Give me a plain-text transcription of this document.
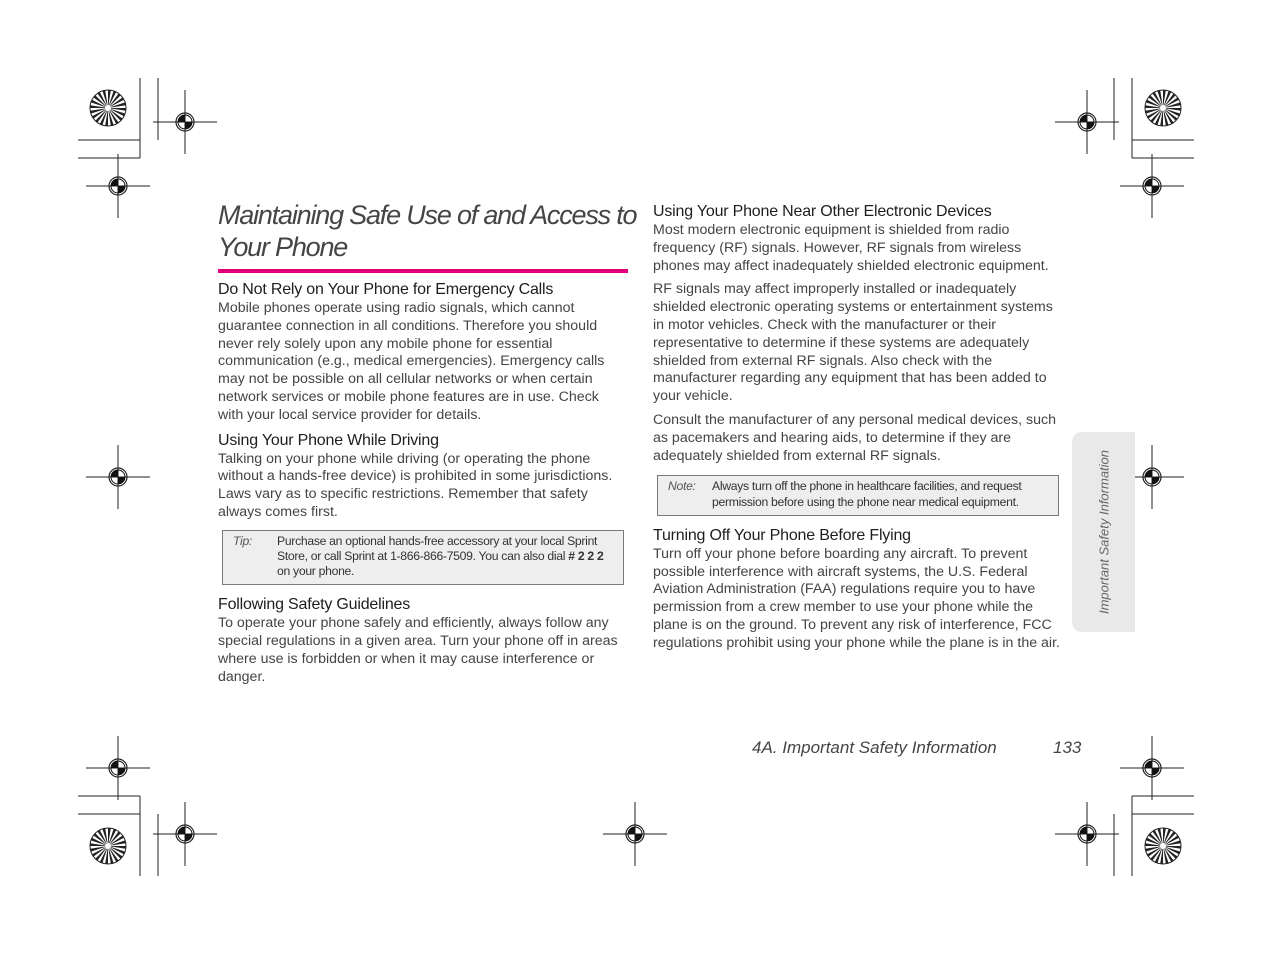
Maintaining Safe Use of and Access to Your Phone
Do Not Rely on Your Phone for Emergency Calls

Mobile phones operate using radio signals, which cannot guarantee connection in all conditions. Therefore you should never rely solely upon any mobile phone for essential communication (e.g., medical emergencies). Emergency calls may not be possible on all cellular networks or when certain network services or mobile phone features are in use. Check with your local service provider for details.

Using Your Phone While Driving

Talking on your phone while driving (or operating the phone without a hands-free device) is prohibited in some jurisdictions. Laws vary as to specific restrictions. Remember that safety always comes first.

Tip:	Purchase an optional hands-free accessory at your local Sprint Store, or call Sprint at 1-866-866-7509. You can also dial # 2 2 2 on your phone.
Following Safety Guidelines

To operate your phone safely and efficiently, always follow any special regulations in a given area. Turn your phone off in areas where use is forbidden or when it may cause interference or danger.

Using Your Phone Near Other Electronic Devices

Most modern electronic equipment is shielded from radio frequency (RF) signals. However, RF signals from wireless phones may affect inadequately shielded electronic equipment.

RF signals may affect improperly installed or inadequately shielded electronic operating systems or entertainment systems in motor vehicles. Check with the manufacturer or their representative to determine if these systems are adequately shielded from external RF signals. Also check with the manufacturer regarding any equipment that has been added to your vehicle.

Consult the manufacturer of any personal medical devices, such as pacemakers and hearing aids, to determine if they are adequately shielded from external RF signals.

Note:	Always turn off the phone in healthcare facilities, and request permission before using the phone near medical equipment.
Turning Off Your Phone Before Flying

Turn off your phone before boarding any aircraft. To prevent possible interference with aircraft systems, the U.S. Federal Aviation Administration (FAA) regulations require you to have permission from a crew member to use your phone while the plane is on the ground. To prevent any risk of interference, FCC regulations prohibit using your phone while the plane is in the air.

Important Safety Information
4A. Important Safety Information	133
